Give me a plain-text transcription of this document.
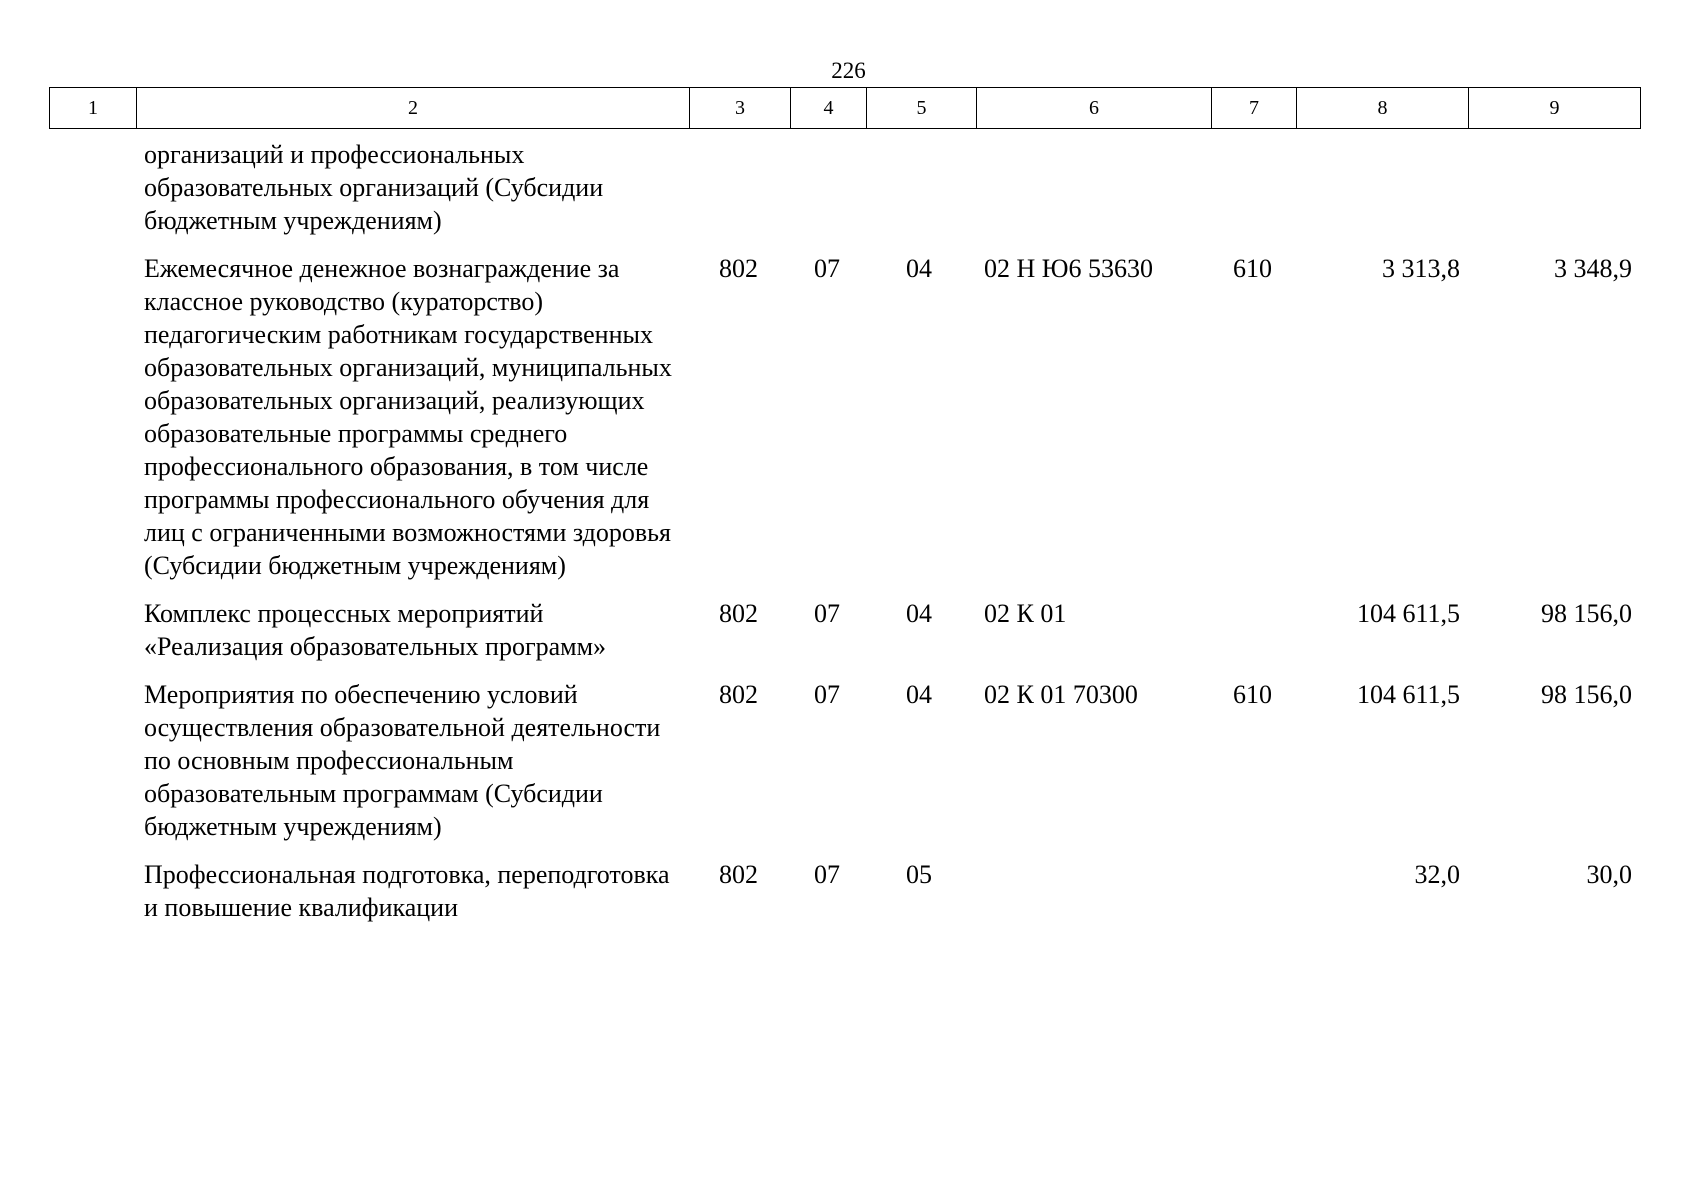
226
1	2	3	4	5	6	7	8	9
организаций и профессиональных образовательных организаций (Субсидии бюджетным учреждениям)							
Ежемесячное денежное вознаграждение за классное руководство (кураторство) педагогическим работникам государственных образовательных организаций, муниципальных образовательных организаций, реализующих образовательные программы среднего профессионального образования, в том числе программы профессионального обучения для лиц с ограниченными возможностями здоровья (Субсидии бюджетным учреждениям)	802	07	04	02 Н Ю6 53630	610	3 313,8	3 348,9
Комплекс процессных мероприятий «Реализация образовательных программ»	802	07	04	02 К 01		104 611,5	98 156,0
Мероприятия по обеспечению условий осуществления образовательной деятельности по основным профессиональным образовательным программам (Субсидии бюджетным учреждениям)	802	07	04	02 К 01 70300	610	104 611,5	98 156,0
Профессиональная подготовка, переподготовка и повышение квалификации	802	07	05			32,0	30,0
